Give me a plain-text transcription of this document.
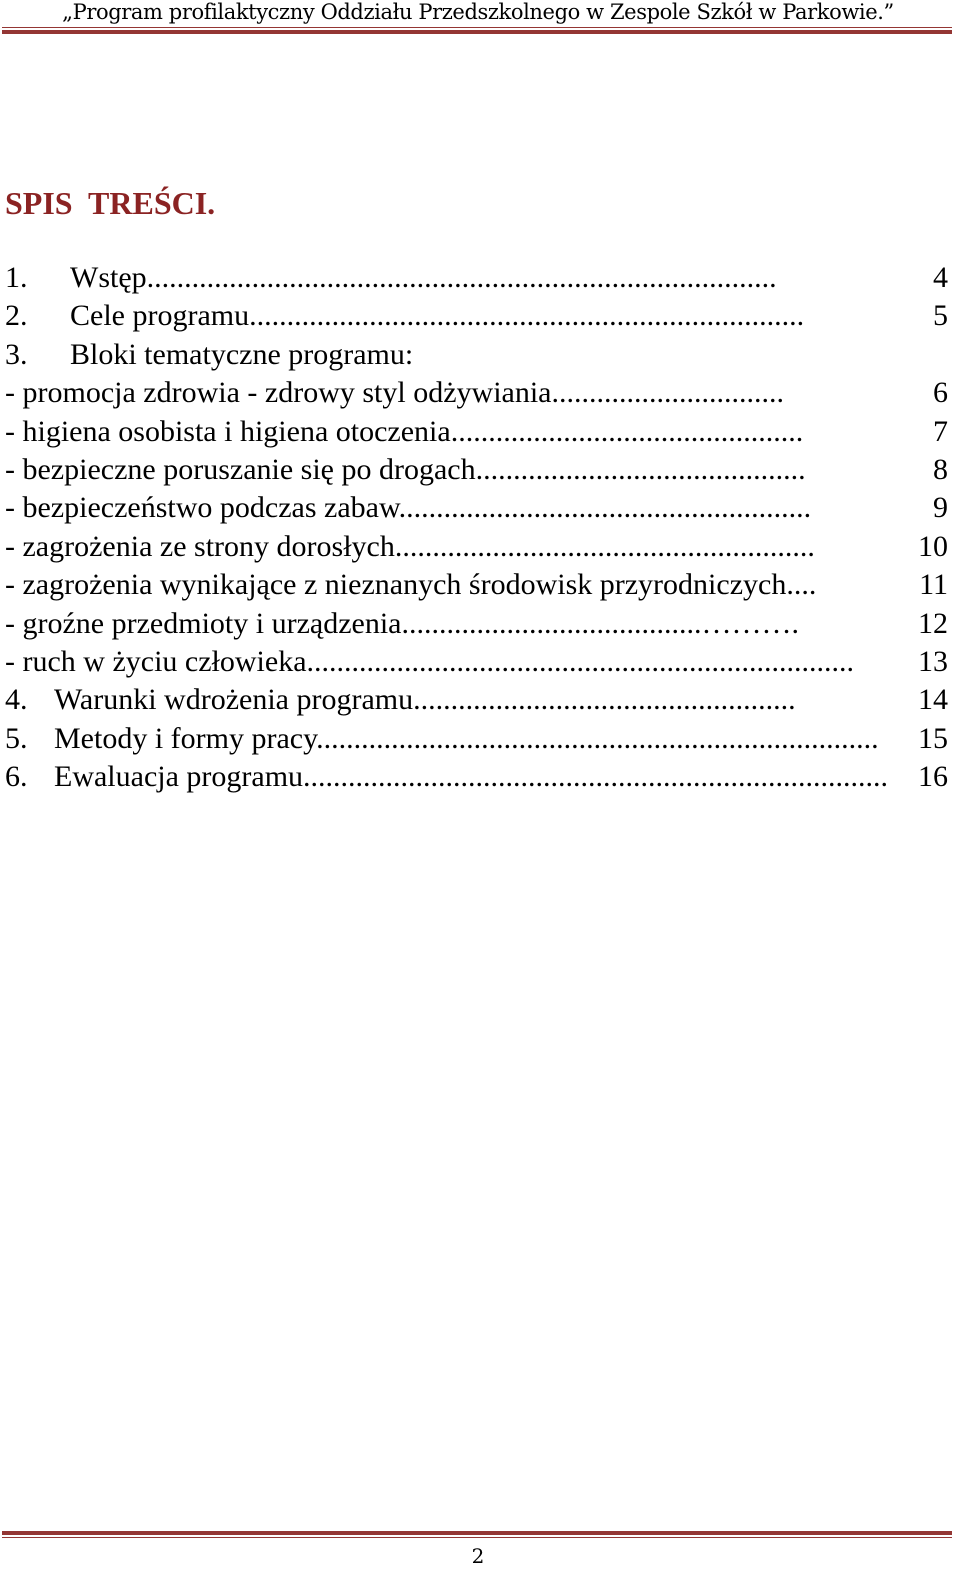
„Program profilaktyczny Oddziału Przedszkolnego w Zespole Szkół w Parkowie.”
SPIS  TREŚCI.
1. Wstęp....................................................................................	4
2. Cele programu..........................................................................	5
3. Bloki tematyczne programu:
- promocja zdrowia - zdrowy styl odżywiania...............................	6
- higiena osobista i higiena otoczenia...............................................	7
- bezpieczne poruszanie się po drogach............................................	8
- bezpieczeństwo podczas zabaw.......................................................	9
- zagrożenia ze strony dorosłych........................................................	10
- zagrożenia wynikające z nieznanych środowisk przyrodniczych....	11
- groźne przedmioty i urządzenia........................................……….	12
- ruch w życiu człowieka.........................................................................	13
4. Warunki wdrożenia programu...................................................	14
5. Metody i formy pracy...........................................................................	15
6. Ewaluacja programu.............................................................................. 16
2
